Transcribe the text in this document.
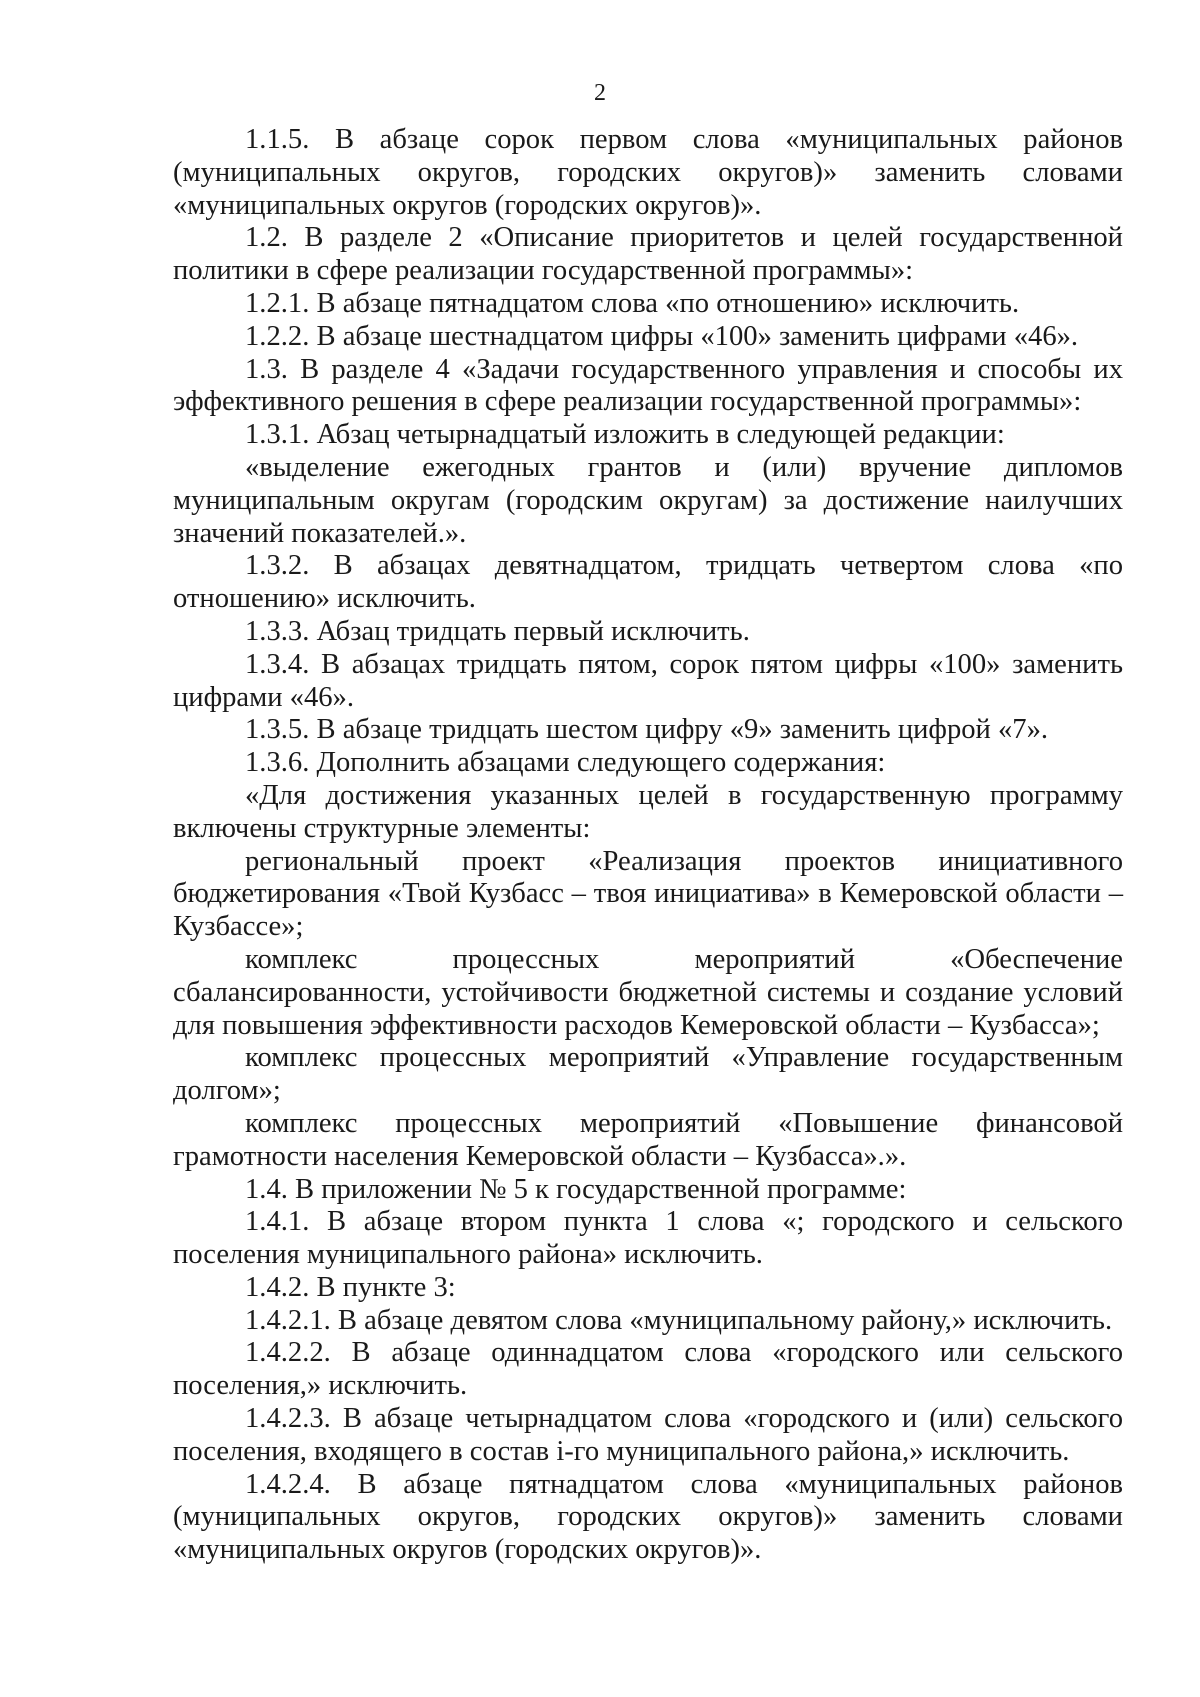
2

1.1.5. В абзаце сорок первом слова «муниципальных районов (муниципальных округов, городских округов)» заменить словами «муниципальных округов (городских округов)».

1.2. В разделе 2 «Описание приоритетов и целей государственной политики в сфере реализации государственной программы»:

1.2.1. В абзаце пятнадцатом слова «по отношению» исключить.

1.2.2. В абзаце шестнадцатом цифры «100» заменить цифрами «46».

1.3. В разделе 4 «Задачи государственного управления и способы их эффективного решения в сфере реализации государственной программы»:

1.3.1. Абзац четырнадцатый изложить в следующей редакции:

«выделение ежегодных грантов и (или) вручение дипломов муниципальным округам (городским округам) за достижение наилучших значений показателей.».

1.3.2. В абзацах девятнадцатом, тридцать четвертом слова «по отношению» исключить.

1.3.3. Абзац тридцать первый исключить.

1.3.4. В абзацах тридцать пятом, сорок пятом цифры «100» заменить цифрами «46».

1.3.5. В абзаце тридцать шестом цифру «9» заменить цифрой «7».

1.3.6. Дополнить абзацами следующего содержания:

«Для достижения указанных целей в государственную программу включены структурные элементы:

региональный проект «Реализация проектов инициативного бюджетирования «Твой Кузбасс – твоя инициатива» в Кемеровской области – Кузбассе»;

комплекс процессных мероприятий «Обеспечение сбалансированности, устойчивости бюджетной системы и создание условий для повышения эффективности расходов Кемеровской области – Кузбасса»;

комплекс процессных мероприятий «Управление государственным долгом»;

комплекс процессных мероприятий «Повышение финансовой грамотности населения Кемеровской области – Кузбасса».».

1.4. В приложении № 5 к государственной программе:

1.4.1. В абзаце втором пункта 1 слова «; городского и сельского поселения муниципального района» исключить.

1.4.2. В пункте 3:

1.4.2.1. В абзаце девятом слова «муниципальному району,» исключить.

1.4.2.2. В абзаце одиннадцатом слова «городского или сельского поселения,» исключить.

1.4.2.3. В абзаце четырнадцатом слова «городского и (или) сельского поселения, входящего в состав i-го муниципального района,» исключить.

1.4.2.4. В абзаце пятнадцатом слова «муниципальных районов (муниципальных округов, городских округов)» заменить словами «муниципальных округов (городских округов)».
